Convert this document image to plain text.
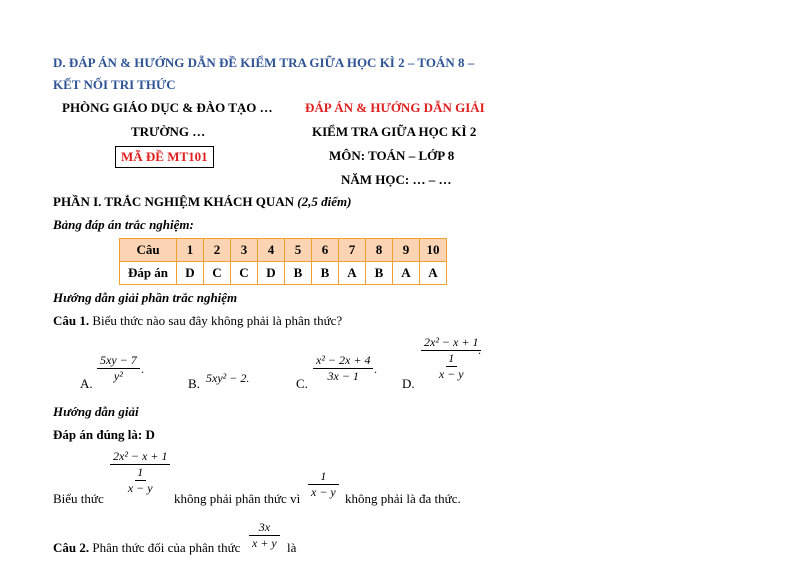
D. ĐÁP ÁN & HƯỚNG DẪN ĐỀ KIỂM TRA GIỮA HỌC KÌ 2 – TOÁN 8 –
KẾT NỐI TRI THỨC
PHÒNG GIÁO DỤC & ĐÀO TẠO …
TRƯỜNG …
MÃ ĐỀ MT101
ĐÁP ÁN & HƯỚNG DẪN GIẢI
KIỂM TRA GIỮA HỌC KÌ 2
MÔN: TOÁN – LỚP 8
NĂM HỌC: … – …
PHẦN I. TRẮC NGHIỆM KHÁCH QUAN (2,5 điểm)
Bảng đáp án trắc nghiệm:
Câu	1	2	3	4	5	6	7	8	9	10
Đáp án	D	C	C	D	B	B	A	B	A	A
Hướng dẫn giải phần trắc nghiệm
Câu 1. Biểu thức nào sau đây không phải là phân thức?
A.
5xy − 7
y² .
B. 5xy² − 2.	C.
x² − 2x + 4
3x − 1 .
D.
2x² − x + 1
$\frac{1}{x - y}$
.
Hướng dẫn giải
Đáp án đúng là: D
2x² − x + 1
$\frac{1}{x - y}$
Biểu thức	không phải phân thức vì
1
x − y không phải là đa thức.
Câu 2. Phân thức đối của phân thức
3x
x + y là
